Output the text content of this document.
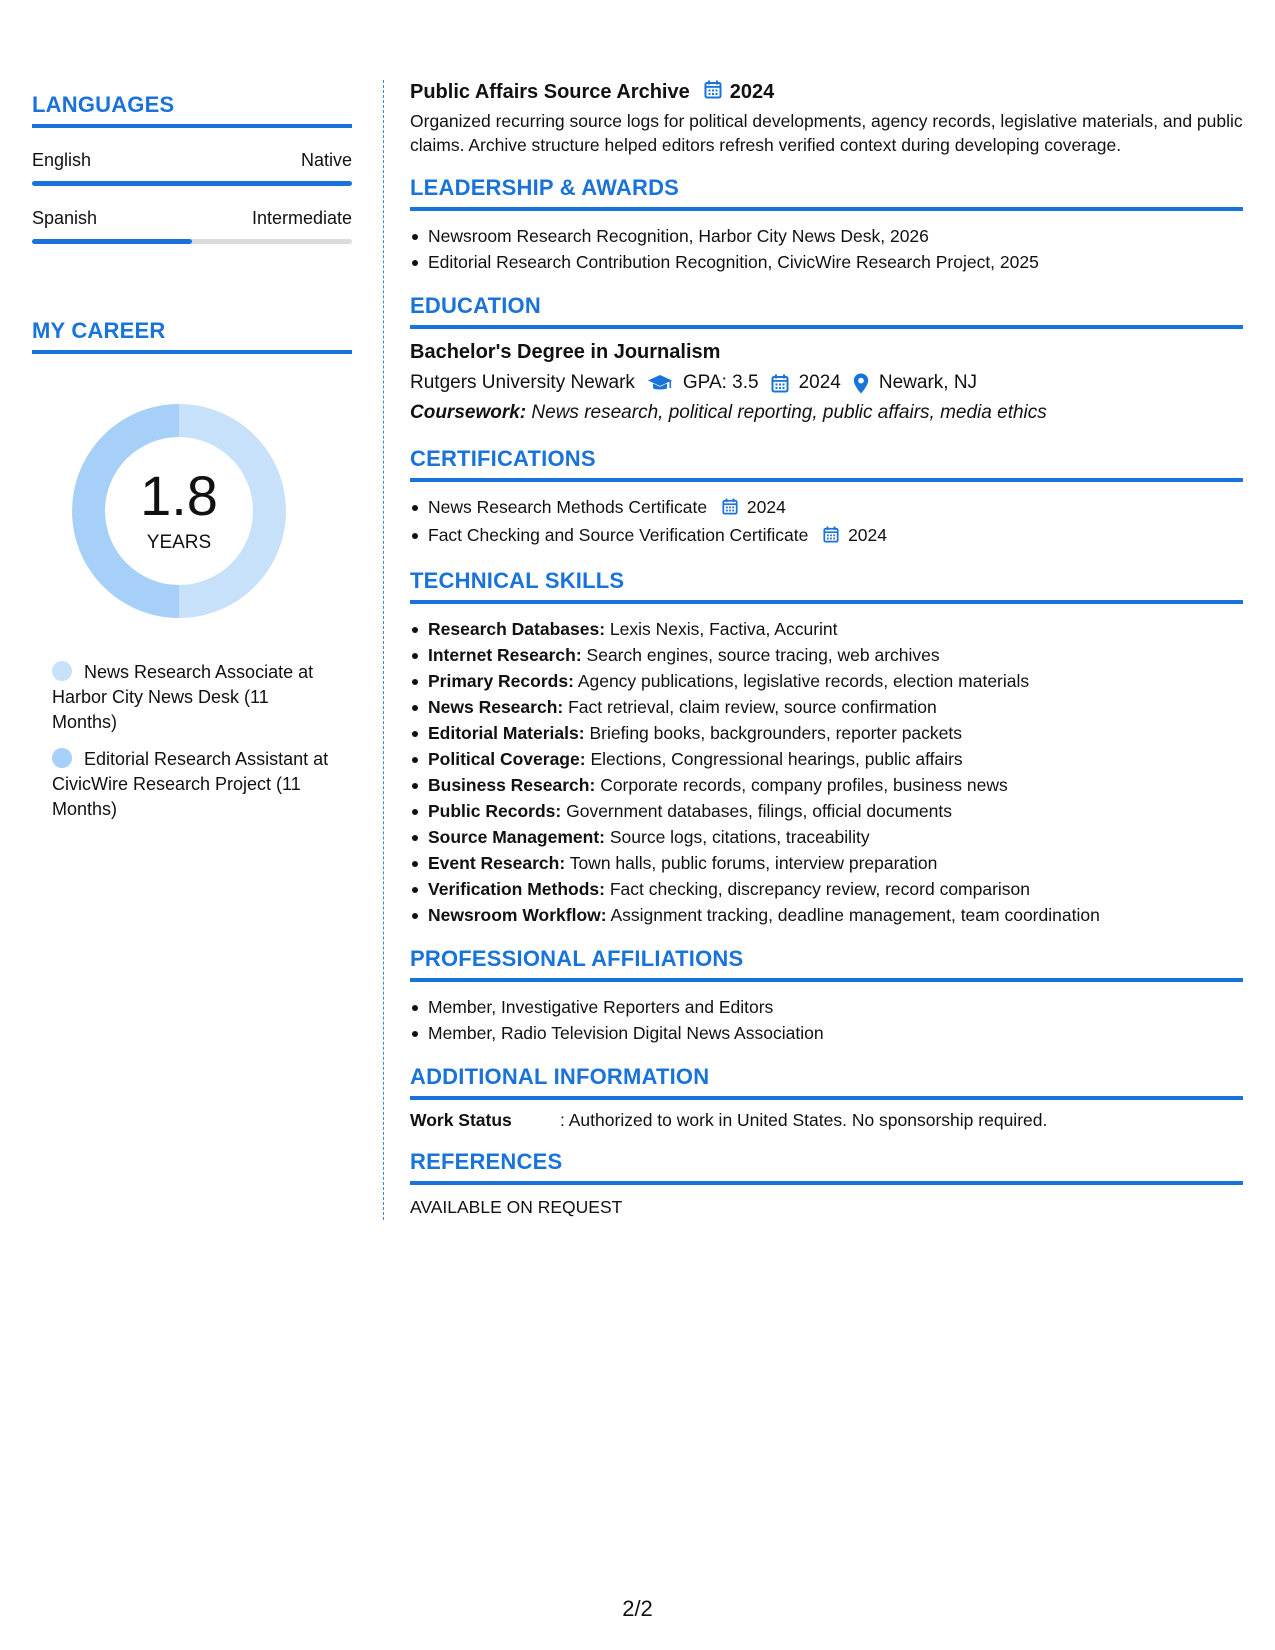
LANGUAGES
English	Native
Spanish	Intermediate
MY CAREER
1.8
YEARS
News Research Associate at Harbor City News Desk (11 Months)
Editorial Research Assistant at CivicWire Research Project (11 Months)
Public Affairs Source Archive 2024
Organized recurring source logs for political developments, agency records, legislative materials, and public claims. Archive structure helped editors refresh verified context during developing coverage.
LEADERSHIP & AWARDS
Newsroom Research Recognition, Harbor City News Desk, 2026
Editorial Research Contribution Recognition, CivicWire Research Project, 2025
EDUCATION
Bachelor's Degree in Journalism
Rutgers University Newark	GPA: 3.5 2024 Newark, NJ
Coursework: News research, political reporting, public affairs, media ethics
CERTIFICATIONS
News Research Methods Certificate 2024
Fact Checking and Source Verification Certificate 2024
TECHNICAL SKILLS
Research Databases: Lexis Nexis, Factiva, Accurint
Internet Research: Search engines, source tracing, web archives
Primary Records: Agency publications, legislative records, election materials
News Research: Fact retrieval, claim review, source confirmation
Editorial Materials: Briefing books, backgrounders, reporter packets
Political Coverage: Elections, Congressional hearings, public affairs
Business Research: Corporate records, company profiles, business news
Public Records: Government databases, filings, official documents
Source Management: Source logs, citations, traceability
Event Research: Town halls, public forums, interview preparation
Verification Methods: Fact checking, discrepancy review, record comparison
Newsroom Workflow: Assignment tracking, deadline management, team coordination
PROFESSIONAL AFFILIATIONS
Member, Investigative Reporters and Editors
Member, Radio Television Digital News Association
ADDITIONAL INFORMATION
Work Status	: Authorized to work in United States. No sponsorship required.
REFERENCES
AVAILABLE ON REQUEST
2/2
